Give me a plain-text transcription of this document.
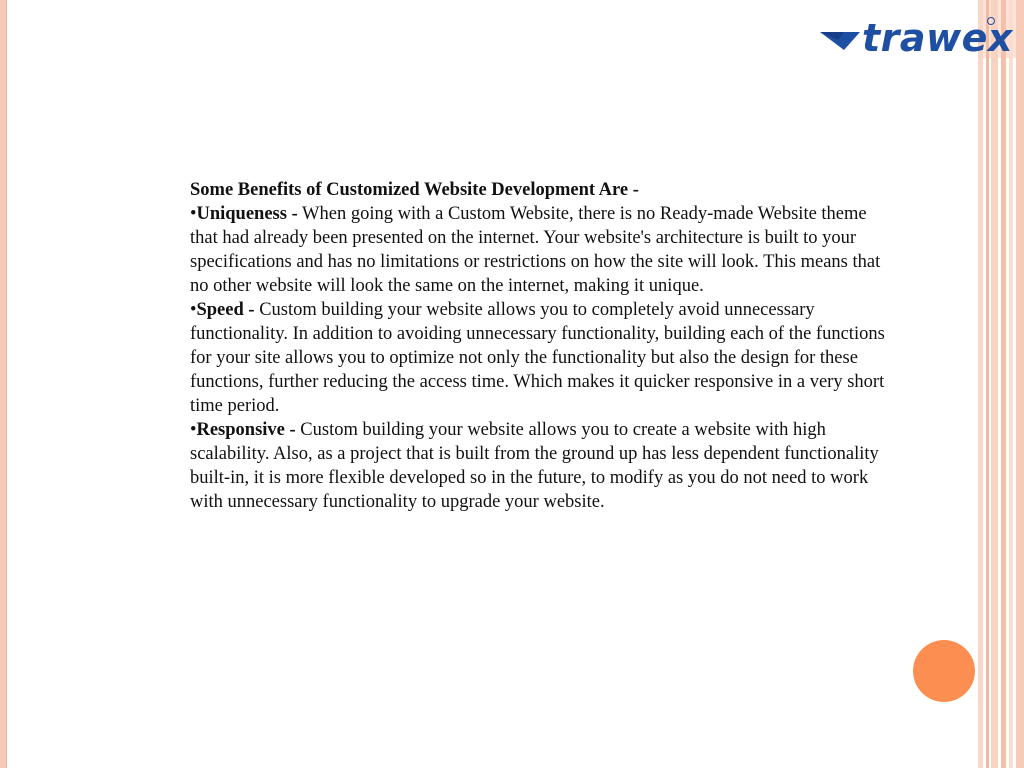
trawex

Some Benefits of Customized Website Development Are -

•Uniqueness - When going with a Custom Website, there is no Ready-made Website theme that had already been presented on the internet. Your website's architecture is built to your specifications and has no limitations or restrictions on how the site will look. This means that no other website will look the same on the internet, making it unique.

•Speed - Custom building your website allows you to completely avoid unnecessary functionality. In addition to avoiding unnecessary functionality, building each of the functions for your site allows you to optimize not only the functionality but also the design for these functions, further reducing the access time. Which makes it quicker responsive in a very short time period.

•Responsive - Custom building your website allows you to create a website with high scalability. Also, as a project that is built from the ground up has less dependent functionality built-in, it is more flexible developed so in the future, to modify as you do not need to work with unnecessary functionality to upgrade your website.
